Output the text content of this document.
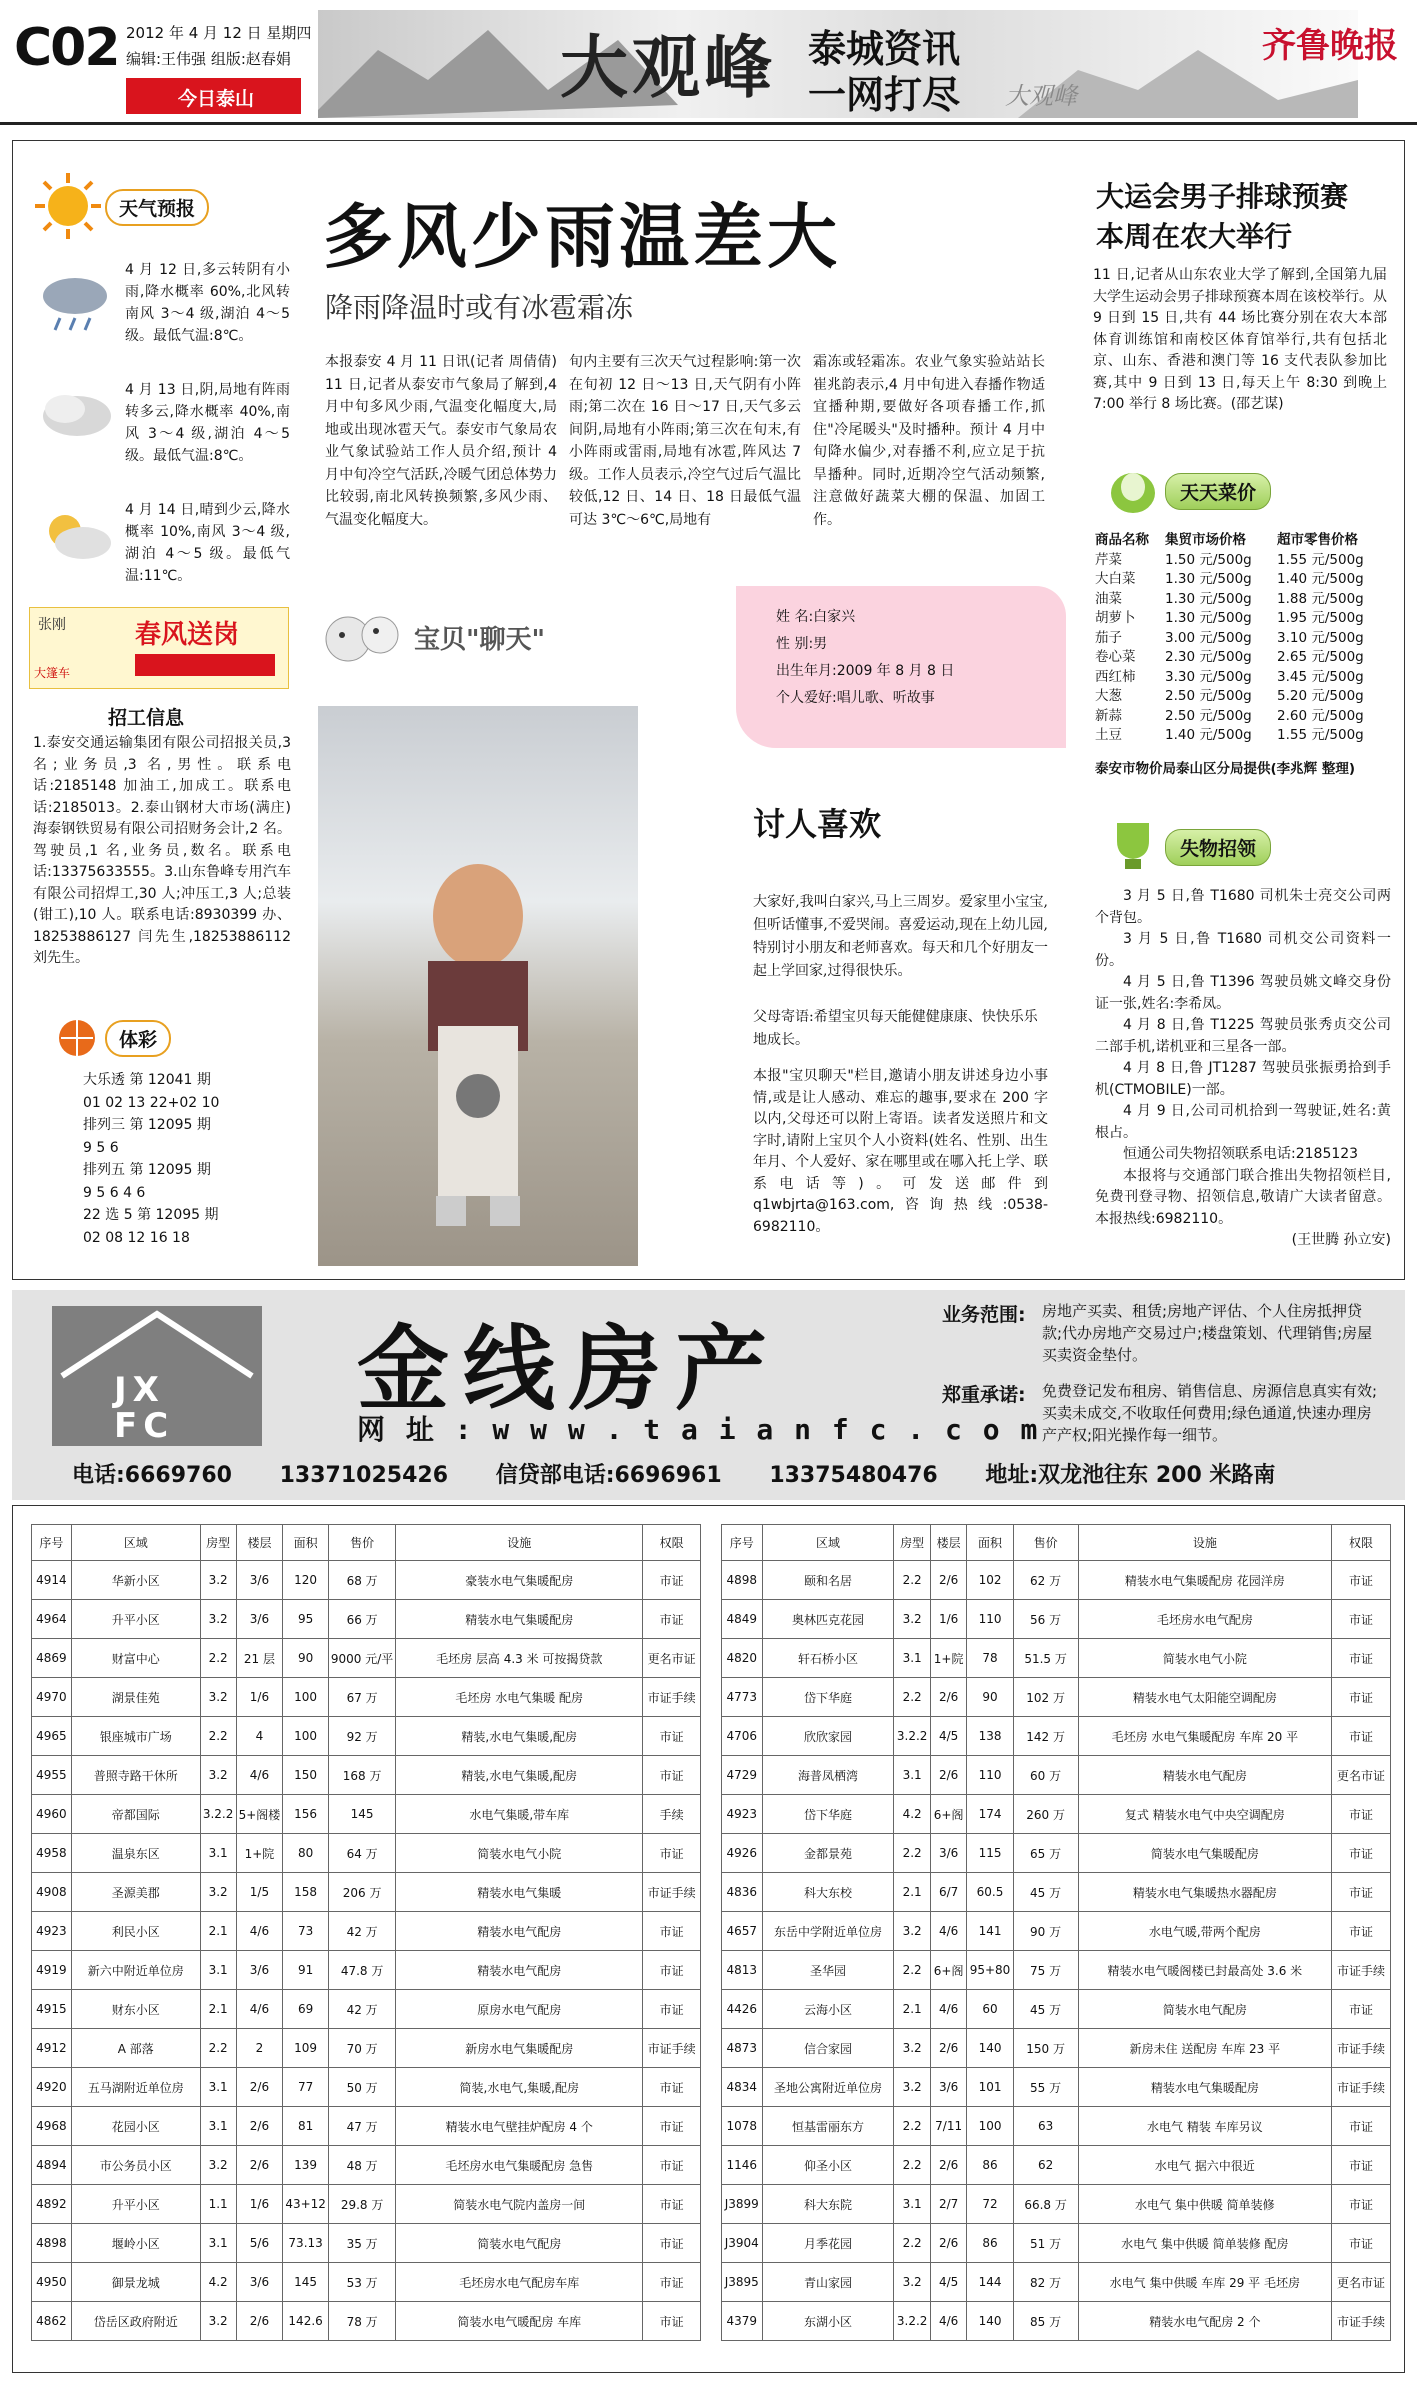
C02 2012 年 4 月 12 日 星期四
编辑:王伟强 组版:赵春娟
今日泰山	大观峰 泰城资讯
一网打尽 大观峰
齐鲁晚报
天气预报
4 月 12 日,多云转阴有小雨,降水概率 60%,北风转南风 3～4 级,湖泊 4～5 级。最低气温:8℃。
4 月 13 日,阴,局地有阵雨转多云,降水概率 40%,南风 3～4 级,湖泊 4～5 级。最低气温:8℃。
4 月 14 日,晴到少云,降水概率 10%,南风 3～4 级,湖泊 4～5 级。最低气温:11℃。
张刚
大篷车
春风送岗
招工信息
1.泰安交通运输集团有限公司招报关员,3 名;业务员,3 名,男性。联系电话:2185148 加油工,加成工。联系电话:2185013。2.泰山钢材大市场(满庄)海泰钢铁贸易有限公司招财务会计,2 名。驾驶员,1 名,业务员,数名。联系电话:13375633555。3.山东鲁峰专用汽车有限公司招焊工,30 人;冲压工,3 人;总装(钳工),10 人。联系电话:8930399 办、18253886127 闫先生,18253886112 刘先生。
体彩
大乐透 第 12041 期
01 02 13 22+02 10
排列三 第 12095 期
9 5 6
排列五 第 12095 期
9 5 6 4 6
22 选 5 第 12095 期
02 08 12 16 18
多风少雨温差大
降雨降温时或有冰雹霜冻
本报泰安 4 月 11 日讯(记者 周倩倩) 11 日,记者从泰安市气象局了解到,4 月中旬多风少雨,气温变化幅度大,局地或出现冰雹天气。泰安市气象局农业气象试验站工作人员介绍,预计 4 月中旬冷空气活跃,冷暖气团总体势力比较弱,南北风转换频繁,多风少雨、气温变化幅度大。
旬内主要有三次天气过程影响:第一次在旬初 12 日～13 日,天气阴有小阵雨;第二次在 16 日～17 日,天气多云间阴,局地有小阵雨;第三次在旬末,有小阵雨或雷雨,局地有冰雹,阵风达 7 级。工作人员表示,冷空气过后气温比较低,12 日、14 日、18 日最低气温可达 3℃～6℃,局地有
霜冻或轻霜冻。农业气象实验站站长崔兆韵表示,4 月中旬进入春播作物适宜播种期,要做好各项春播工作,抓住"冷尾暖头"及时播种。预计 4 月中旬降水偏少,对春播不利,应立足于抗旱播种。同时,近期冷空气活动频繁,注意做好蔬菜大棚的保温、加固工作。
宝贝"聊天"
姓 名:白家兴
性 别:男
出生年月:2009 年 8 月 8 日
个人爱好:唱儿歌、听故事
讨人喜欢
大家好,我叫白家兴,马上三周岁。爱家里小宝宝,但听话懂事,不爱哭闹。喜爱运动,现在上幼儿园,特别讨小朋友和老师喜欢。每天和几个好朋友一起上学回家,过得很快乐。
父母寄语:希望宝贝每天能健健康康、快快乐乐地成长。
本报"宝贝聊天"栏目,邀请小朋友讲述身边小事情,或是让人感动、难忘的趣事,要求在 200 字以内,父母还可以附上寄语。读者发送照片和文字时,请附上宝贝个人小资料(姓名、性别、出生年月、个人爱好、家在哪里或在哪入托上学、联系电话等)。可发送邮件到 q1wbjrta@163.com,咨询热线:0538-6982110。
大运会男子排球预赛
本周在农大举行
11 日,记者从山东农业大学了解到,全国第九届大学生运动会男子排球预赛本周在该校举行。从 9 日到 15 日,共有 44 场比赛分别在农大本部体育训练馆和南校区体育馆举行,共有包括北京、山东、香港和澳门等 16 支代表队参加比赛,其中 9 日到 13 日,每天上午 8:30 到晚上 7:00 举行 8 场比赛。(邵艺谋)
天天菜价
商品名称	集贸市场价格	超市零售价格
芹菜	1.50 元/500g	1.55 元/500g
大白菜	1.30 元/500g	1.40 元/500g
油菜	1.30 元/500g	1.88 元/500g
胡萝卜	1.30 元/500g	1.95 元/500g
茄子	3.00 元/500g	3.10 元/500g
卷心菜	2.30 元/500g	2.65 元/500g
西红柿	3.30 元/500g	3.45 元/500g
大葱	2.50 元/500g	5.20 元/500g
新蒜	2.50 元/500g	2.60 元/500g
土豆	1.40 元/500g	1.55 元/500g
泰安市物价局泰山区分局提供(李兆辉 整理)
失物招领
3 月 5 日,鲁 T1680 司机朱士亮交公司两个背包。
3 月 5 日,鲁 T1680 司机交公司资料一份。
4 月 5 日,鲁 T1396 驾驶员姚文峰交身份证一张,姓名:李希凤。
4 月 8 日,鲁 T1225 驾驶员张秀贞交公司二部手机,诺机亚和三星各一部。
4 月 8 日,鲁 JT1287 驾驶员张振勇拾到手机(CTMOBILE)一部。
4 月 9 日,公司司机拾到一驾驶证,姓名:黄根占。
恒通公司失物招领联系电话:2185123
本报将与交通部门联合推出失物招领栏目,免费刊登寻物、招领信息,敬请广大读者留意。本报热线:6982110。
(王世腾 孙立安)
JX
FC
金线房产
网 址 : w w w . t a i a n f c . c o m
业务范围: 房地产买卖、租赁;房地产评估、个人住房抵押贷款;代办房地产交易过户;楼盘策划、代理销售;房屋买卖资金垫付。
郑重承诺: 免费登记发布租房、销售信息、房源信息真实有效;买卖未成交,不收取任何费用;绿色通道,快速办理房产产权;阳光操作每一细节。
电话:6669760 13371025426 信贷部电话:6696961 13375480476 地址:双龙池往东 200 米路南
序号	区域	房型	楼层	面积	售价	设施	权限
4914	华新小区	3.2	3/6	120	68 万	豪装水电气集暖配房	市证
4964	升平小区	3.2	3/6	95	66 万	精装水电气集暖配房	市证
4869	财富中心	2.2	21 层	90	9000 元/平	毛坯房 层高 4.3 米 可按揭贷款	更名市证
4970	湖景佳苑	3.2	1/6	100	67 万	毛坯房 水电气集暖 配房	市证手续
4965	银座城市广场	2.2	4	100	92 万	精装,水电气集暖,配房	市证
4955	普照寺路干休所	3.2	4/6	150	168 万	精装,水电气集暖,配房	市证
4960	帝都国际	3.2.2	5+阁楼	156	145	水电气集暖,带车库	手续
4958	温泉东区	3.1	1+院	80	64 万	简装水电气小院	市证
4908	圣源美郡	3.2	1/5	158	206 万	精装水电气集暖	市证手续
4923	利民小区	2.1	4/6	73	42 万	精装水电气配房	市证
4919	新六中附近单位房	3.1	3/6	91	47.8 万	精装水电气配房	市证
4915	财东小区	2.1	4/6	69	42 万	原房水电气配房	市证
4912	A 部落	2.2	2	109	70 万	新房水电气集暖配房	市证手续
4920	五马湖附近单位房	3.1	2/6	77	50 万	简装,水电气,集暖,配房	市证
4968	花园小区	3.1	2/6	81	47 万	精装水电气壁挂炉配房 4 个	市证
4894	市公务员小区	3.2	2/6	139	48 万	毛坯房水电气集暖配房 急售	市证
4892	升平小区	1.1	1/6	43+12	29.8 万	简装水电气院内盖房一间	市证
4898	堰岭小区	3.1	5/6	73.13	35 万	简装水电气配房	市证
4950	御景龙城	4.2	3/6	145	53 万	毛坯房水电气配房车库	市证
4862	岱岳区政府附近	3.2	2/6	142.6	78 万	简装水电气暖配房 车库	市证
序号	区域	房型	楼层	面积	售价	设施	权限
4898	颐和名居	2.2	2/6	102	62 万	精装水电气集暖配房 花园洋房	市证
4849	奥林匹克花园	3.2	1/6	110	56 万	毛坯房水电气配房	市证
4820	轩石桥小区	3.1	1+院	78	51.5 万	简装水电气小院	市证
4773	岱下华庭	2.2	2/6	90	102 万	精装水电气太阳能空调配房	市证
4706	欣欣家园	3.2.2	4/5	138	142 万	毛坯房 水电气集暖配房 车库 20 平	市证
4729	海普凤栖湾	3.1	2/6	110	60 万	精装水电气配房	更名市证
4923	岱下华庭	4.2	6+阁	174	260 万	复式 精装水电气中央空调配房	市证
4926	金都景苑	2.2	3/6	115	65 万	简装水电气集暖配房	市证
4836	科大东校	2.1	6/7	60.5	45 万	精装水电气集暖热水器配房	市证
4657	东岳中学附近单位房	3.2	4/6	141	90 万	水电气暖,带两个配房	市证
4813	圣华园	2.2	6+阁	95+80	75 万	精装水电气暖阁楼已封最高处 3.6 米	市证手续
4426	云海小区	2.1	4/6	60	45 万	简装水电气配房	市证
4873	信合家园	3.2	2/6	140	150 万	新房未住 送配房 车库 23 平	市证手续
4834	圣地公寓附近单位房	3.2	3/6	101	55 万	精装水电气集暖配房	市证手续
1078	恒基雷丽东方	2.2	7/11	100	63	水电气 精装 车库另议	市证
1146	仰圣小区	2.2	2/6	86	62	水电气 据六中很近	市证
J3899	科大东院	3.1	2/7	72	66.8 万	水电气 集中供暖 简单装修	市证
J3904	月季花园	2.2	2/6	86	51 万	水电气 集中供暖 简单装修 配房	市证
J3895	青山家园	3.2	4/5	144	82 万	水电气 集中供暖 车库 29 平 毛坯房	更名市证
4379	东湖小区	3.2.2	4/6	140	85 万	精装水电气配房 2 个	市证手续
